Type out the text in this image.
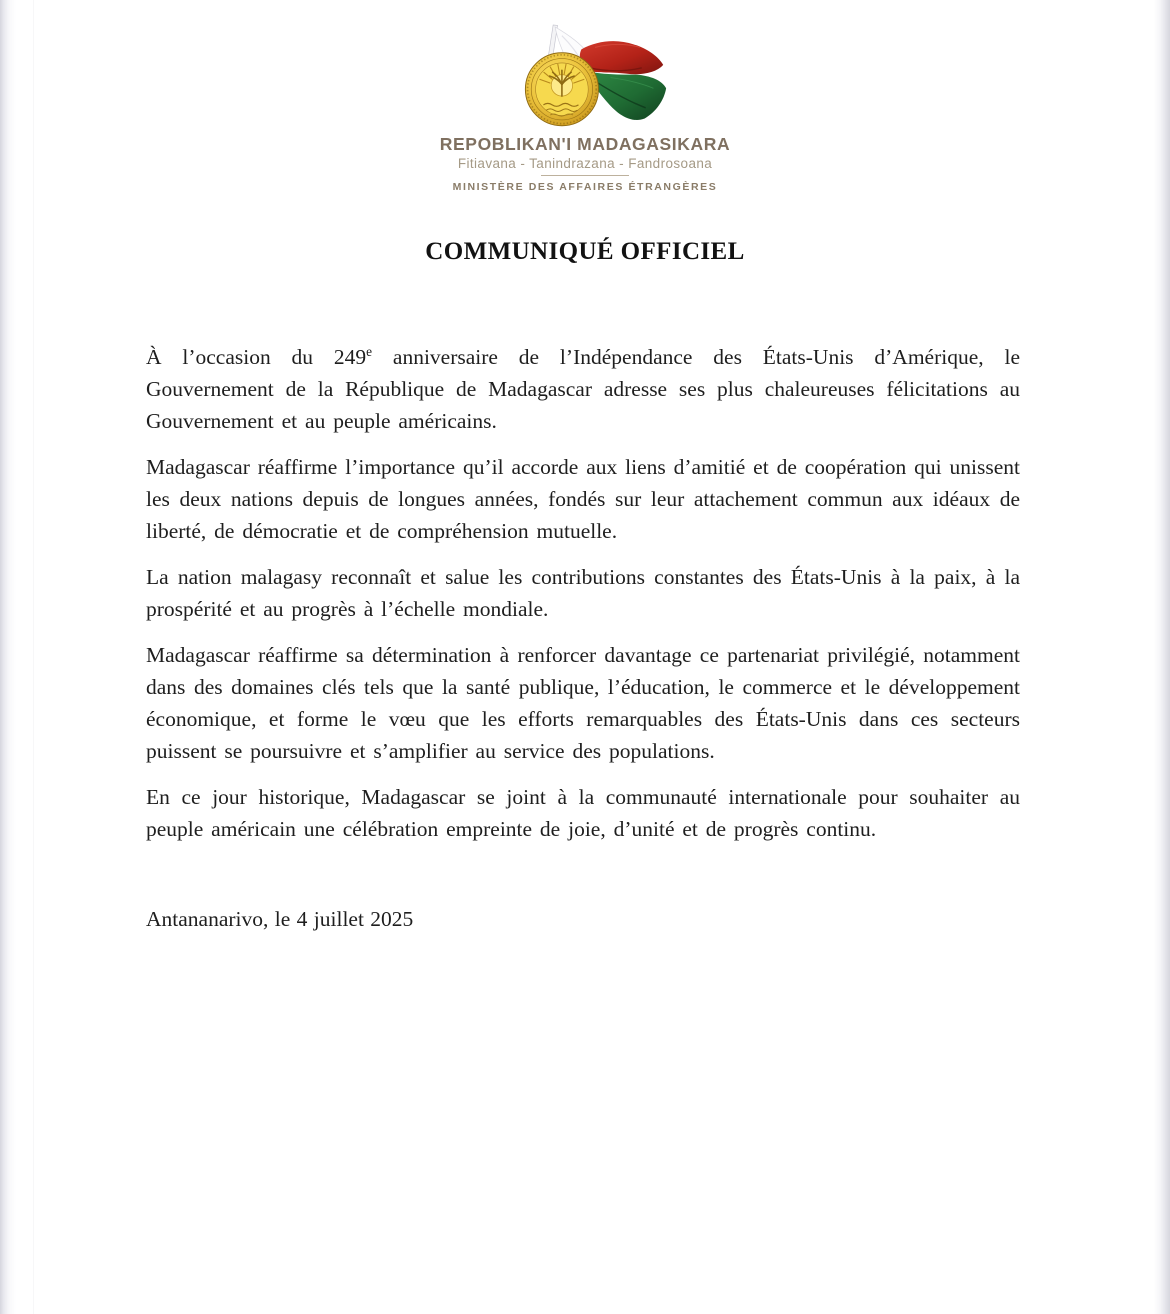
REPOBLIKAN'I MADAGASIKARA
Fitiavana - Tanindrazana - Fandrosoana
MINISTÈRE DES AFFAIRES ÉTRANGÈRES
COMMUNIQUÉ OFFICIEL

À l’occasion du 249e anniversaire de l’Indépendance des États-Unis d’Amérique, le Gouvernement de la République de Madagascar adresse ses plus chaleureuses félicitations au Gouvernement et au peuple américains.

Madagascar réaffirme l’importance qu’il accorde aux liens d’amitié et de coopération qui unissent les deux nations depuis de longues années, fondés sur leur attachement commun aux idéaux de liberté, de démocratie et de compréhension mutuelle.

La nation malagasy reconnaît et salue les contributions constantes des États-Unis à la paix, à la prospérité et au progrès à l’échelle mondiale.

Madagascar réaffirme sa détermination à renforcer davantage ce partenariat privilégié, notamment dans des domaines clés tels que la santé publique, l’éducation, le commerce et le développement économique, et forme le vœu que les efforts remarquables des États-Unis dans ces secteurs puissent se poursuivre et s’amplifier au service des populations.

En ce jour historique, Madagascar se joint à la communauté internationale pour souhaiter au peuple américain une célébration empreinte de joie, d’unité et de progrès continu.

Antananarivo, le 4 juillet 2025
